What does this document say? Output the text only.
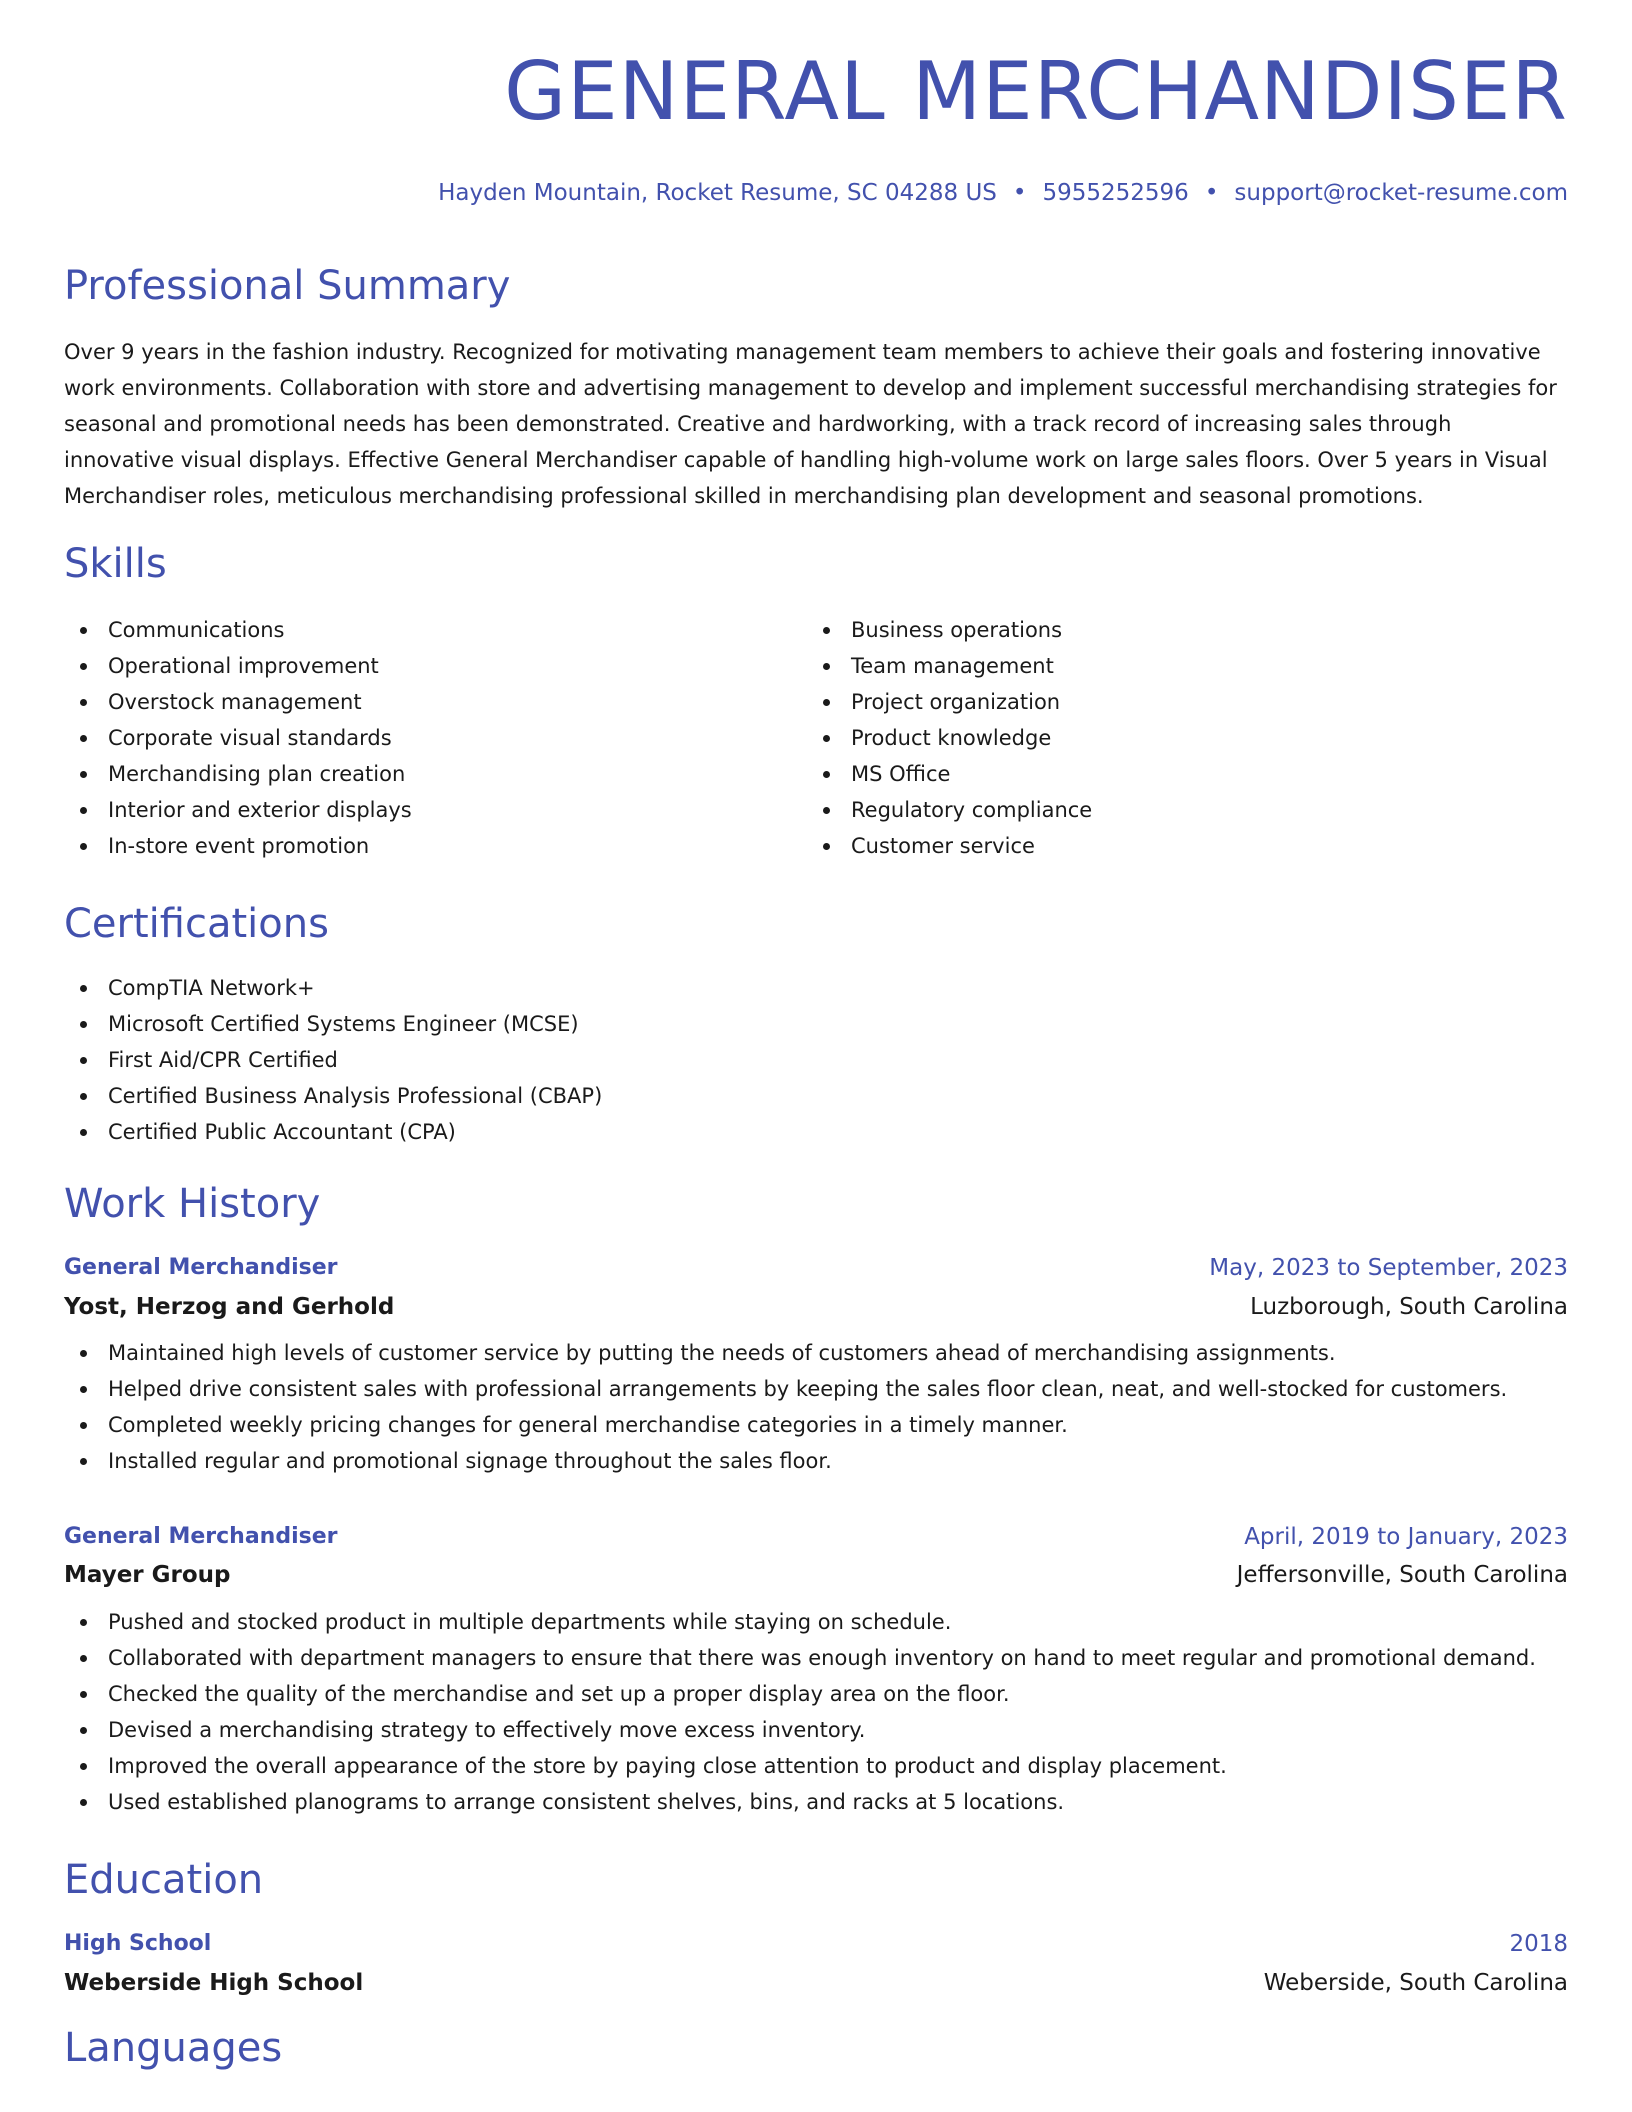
GENERAL MERCHANDISER
Hayden Mountain, Rocket Resume, SC 04288 US • 5955252596 • support@rocket-resume.com
Professional Summary

Over 9 years in the fashion industry. Recognized for motivating management team members to achieve their goals and fostering innovative work environments. Collaboration with store and advertising management to develop and implement successful merchandising strategies for seasonal and promotional needs has been demonstrated. Creative and hardworking, with a track record of increasing sales through innovative visual displays. Effective General Merchandiser capable of handling high-volume work on large sales floors. Over 5 years in Visual Merchandiser roles, meticulous merchandising professional skilled in merchandising plan development and seasonal promotions.

Skills
Communications
Operational improvement
Overstock management
Corporate visual standards
Merchandising plan creation
Interior and exterior displays
In-store event promotion
Business operations
Team management
Project organization
Product knowledge
MS Office
Regulatory compliance
Customer service
Certifications
CompTIA Network+
Microsoft Certified Systems Engineer (MCSE)
First Aid/CPR Certified
Certified Business Analysis Professional (CBAP)
Certified Public Accountant (CPA)
Work History
General Merchandiser	May, 2023 to September, 2023
Yost, Herzog and Gerhold	Luzborough, South Carolina
Maintained high levels of customer service by putting the needs of customers ahead of merchandising assignments.
Helped drive consistent sales with professional arrangements by keeping the sales floor clean, neat, and well-stocked for customers.
Completed weekly pricing changes for general merchandise categories in a timely manner.
Installed regular and promotional signage throughout the sales floor.
General Merchandiser	April, 2019 to January, 2023
Mayer Group	Jeffersonville, South Carolina
Pushed and stocked product in multiple departments while staying on schedule.
Collaborated with department managers to ensure that there was enough inventory on hand to meet regular and promotional demand.
Checked the quality of the merchandise and set up a proper display area on the floor.
Devised a merchandising strategy to effectively move excess inventory.
Improved the overall appearance of the store by paying close attention to product and display placement.
Used established planograms to arrange consistent shelves, bins, and racks at 5 locations.
Education
High School	2018
Weberside High School	Weberside, South Carolina
Languages
